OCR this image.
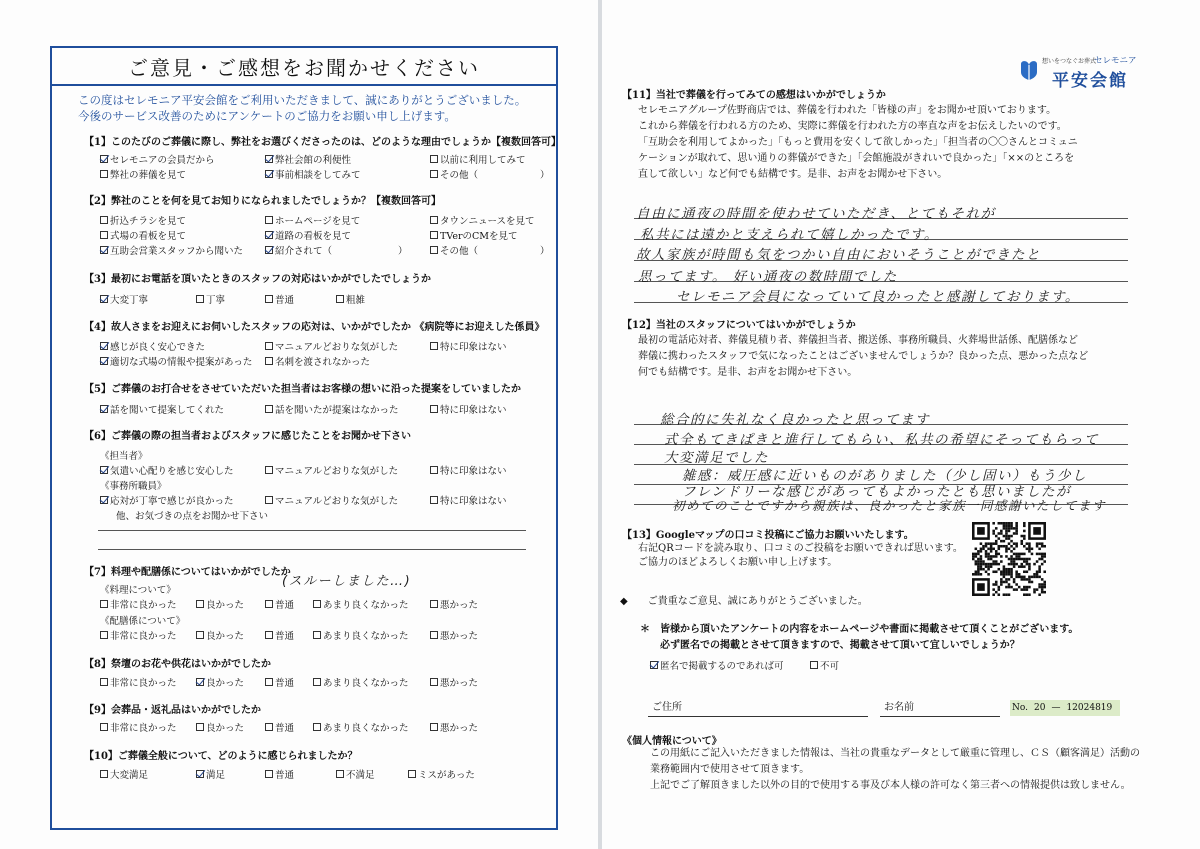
ご意見・ご感想をお聞かせください
この度はセレモニア平安会館をご利用いただきまして、誠にありがとうございました。
今後のサービス改善のためにアンケートのご協力をお願い申し上げます。
【1】このたびのご葬儀に際し、弊社をお選びくださったのは、どのような理由でしょうか【複数回答可】
セレモニアの会員だから	弊社会館の利便性	以前に利用してみて
弊社の葬儀を見て	事前相談をしてみて	その他（	）
【2】弊社のことを何を見てお知りになられましたでしょうか？【複数回答可】
折込チラシを見て	ホームページを見て	タウンニュースを見て
式場の看板を見て	道路の看板を見て	TVerのCMを見て
互助会営業スタッフから聞いた	紹介されて（	）	その他（	）
【3】最初にお電話を頂いたときのスタッフの対応はいかがでしたでしょうか
大変丁寧	丁寧	普通	粗雑
【4】故人さまをお迎えにお伺いしたスタッフの応対は、いかがでしたか 《病院等にお迎えした係員》
感じが良く安心できた	マニュアルどおりな気がした	特に印象はない
適切な式場の情報や提案があった 名刺を渡されなかった
【5】ご葬儀のお打合せをさせていただいた担当者はお客様の想いに沿った提案をしていましたか
話を聞いて提案してくれた	話を聞いたが提案はなかった	特に印象はない
【6】ご葬儀の際の担当者およびスタッフに感じたことをお聞かせ下さい
《担当者》
気遣い心配りを感じ安心した	マニュアルどおりな気がした	特に印象はない
《事務所職員》
応対が丁寧で感じが良かった	マニュアルどおりな気がした	特に印象はない
他、お気づきの点をお聞かせ下さい
【7】料理や配膳係についてはいかがでしたか
(スルーしました…)
《料理について》
非常に良かった	良かった	普通	あまり良くなかった	悪かった
《配膳係について》
非常に良かった	良かった	普通	あまり良くなかった	悪かった
【8】祭壇のお花や供花はいかがでしたか
非常に良かった	良かった	普通	あまり良くなかった	悪かった
【9】会葬品・返礼品はいかがでしたか
非常に良かった	良かった	普通	あまり良くなかった	悪かった
【10】ご葬儀全般について、どのように感じられましたか？
大変満足	満足	普通	不満足	ミスがあった
想いをつなぐお葬式
セレモニア
平安会館
【11】当社で葬儀を行ってみての感想はいかがでしょうか
セレモニアグループ佐野商店では、葬儀を行われた「皆様の声」をお聞かせ頂いております。
これから葬儀を行われる方のため、実際に葬儀を行われた方の率直な声をお伝えしたいのです。
「互助会を利用してよかった」「もっと費用を安くして欲しかった」「担当者の〇〇さんとコミュニ
ケーションが取れて、思い通りの葬儀ができた」「会館施設がきれいで良かった」「××のところを
直して欲しい」など何でも結構です。是非、お声をお聞かせ下さい。
自由に通夜の時間を使わせていただき、とてもそれが
私共には遠かと支えられて嬉しかったです。
故人家族が時間も気をつかい自由においそうことができたと
思ってます。 好い通夜の数時間でした
セレモニア会員になっていて良かったと感謝しております。
【12】当社のスタッフについてはいかがでしょうか
最初の電話応対者、葬儀見積り者、葬儀担当者、搬送係、事務所職員、火葬場世話係、配膳係など
葬儀に携わったスタッフで気になったことはございませんでしょうか？良かった点、悪かった点など
何でも結構です。是非、お声をお聞かせ下さい。
総合的に失礼なく良かったと思ってます
式全もてきぱきと進行してもらい、私共の希望にそってもらって
大変満足でした
雑感：威圧感に近いものがありました（少し固い）もう少し
フレンドリーな感じがあってもよかったとも思いましたが
初めてのことですから親族は、良かったと家族一同感謝いたしてます
【13】Googleマップの口コミ投稿にご協力お願いいたします。
右記QRコードを読み取り、口コミのご投稿をお願いできれば思います。
ご協力のほどよろしくお願い申し上げます。
◆　　 ご貴重なご意見、誠にありがとうございました。
＊　皆様から頂いたアンケートの内容をホームページや書面に掲載させて頂くことがございます。
　　必ず匿名での掲載とさせて頂きますので、掲載させて頂いて宜しいでしょうか？
匿名で掲載するのであれば可	不可
ご住所	お名前	No. 20 — 12024819
《個人情報について》
この用紙にご記入いただきました情報は、当社の貴重なデータとして厳重に管理し、ＣＳ（顧客満足）活動の
業務範囲内で使用させて頂きます。
上記でご了解頂きました以外の目的で使用する事及び本人様の許可なく第三者への情報提供は致しません。
